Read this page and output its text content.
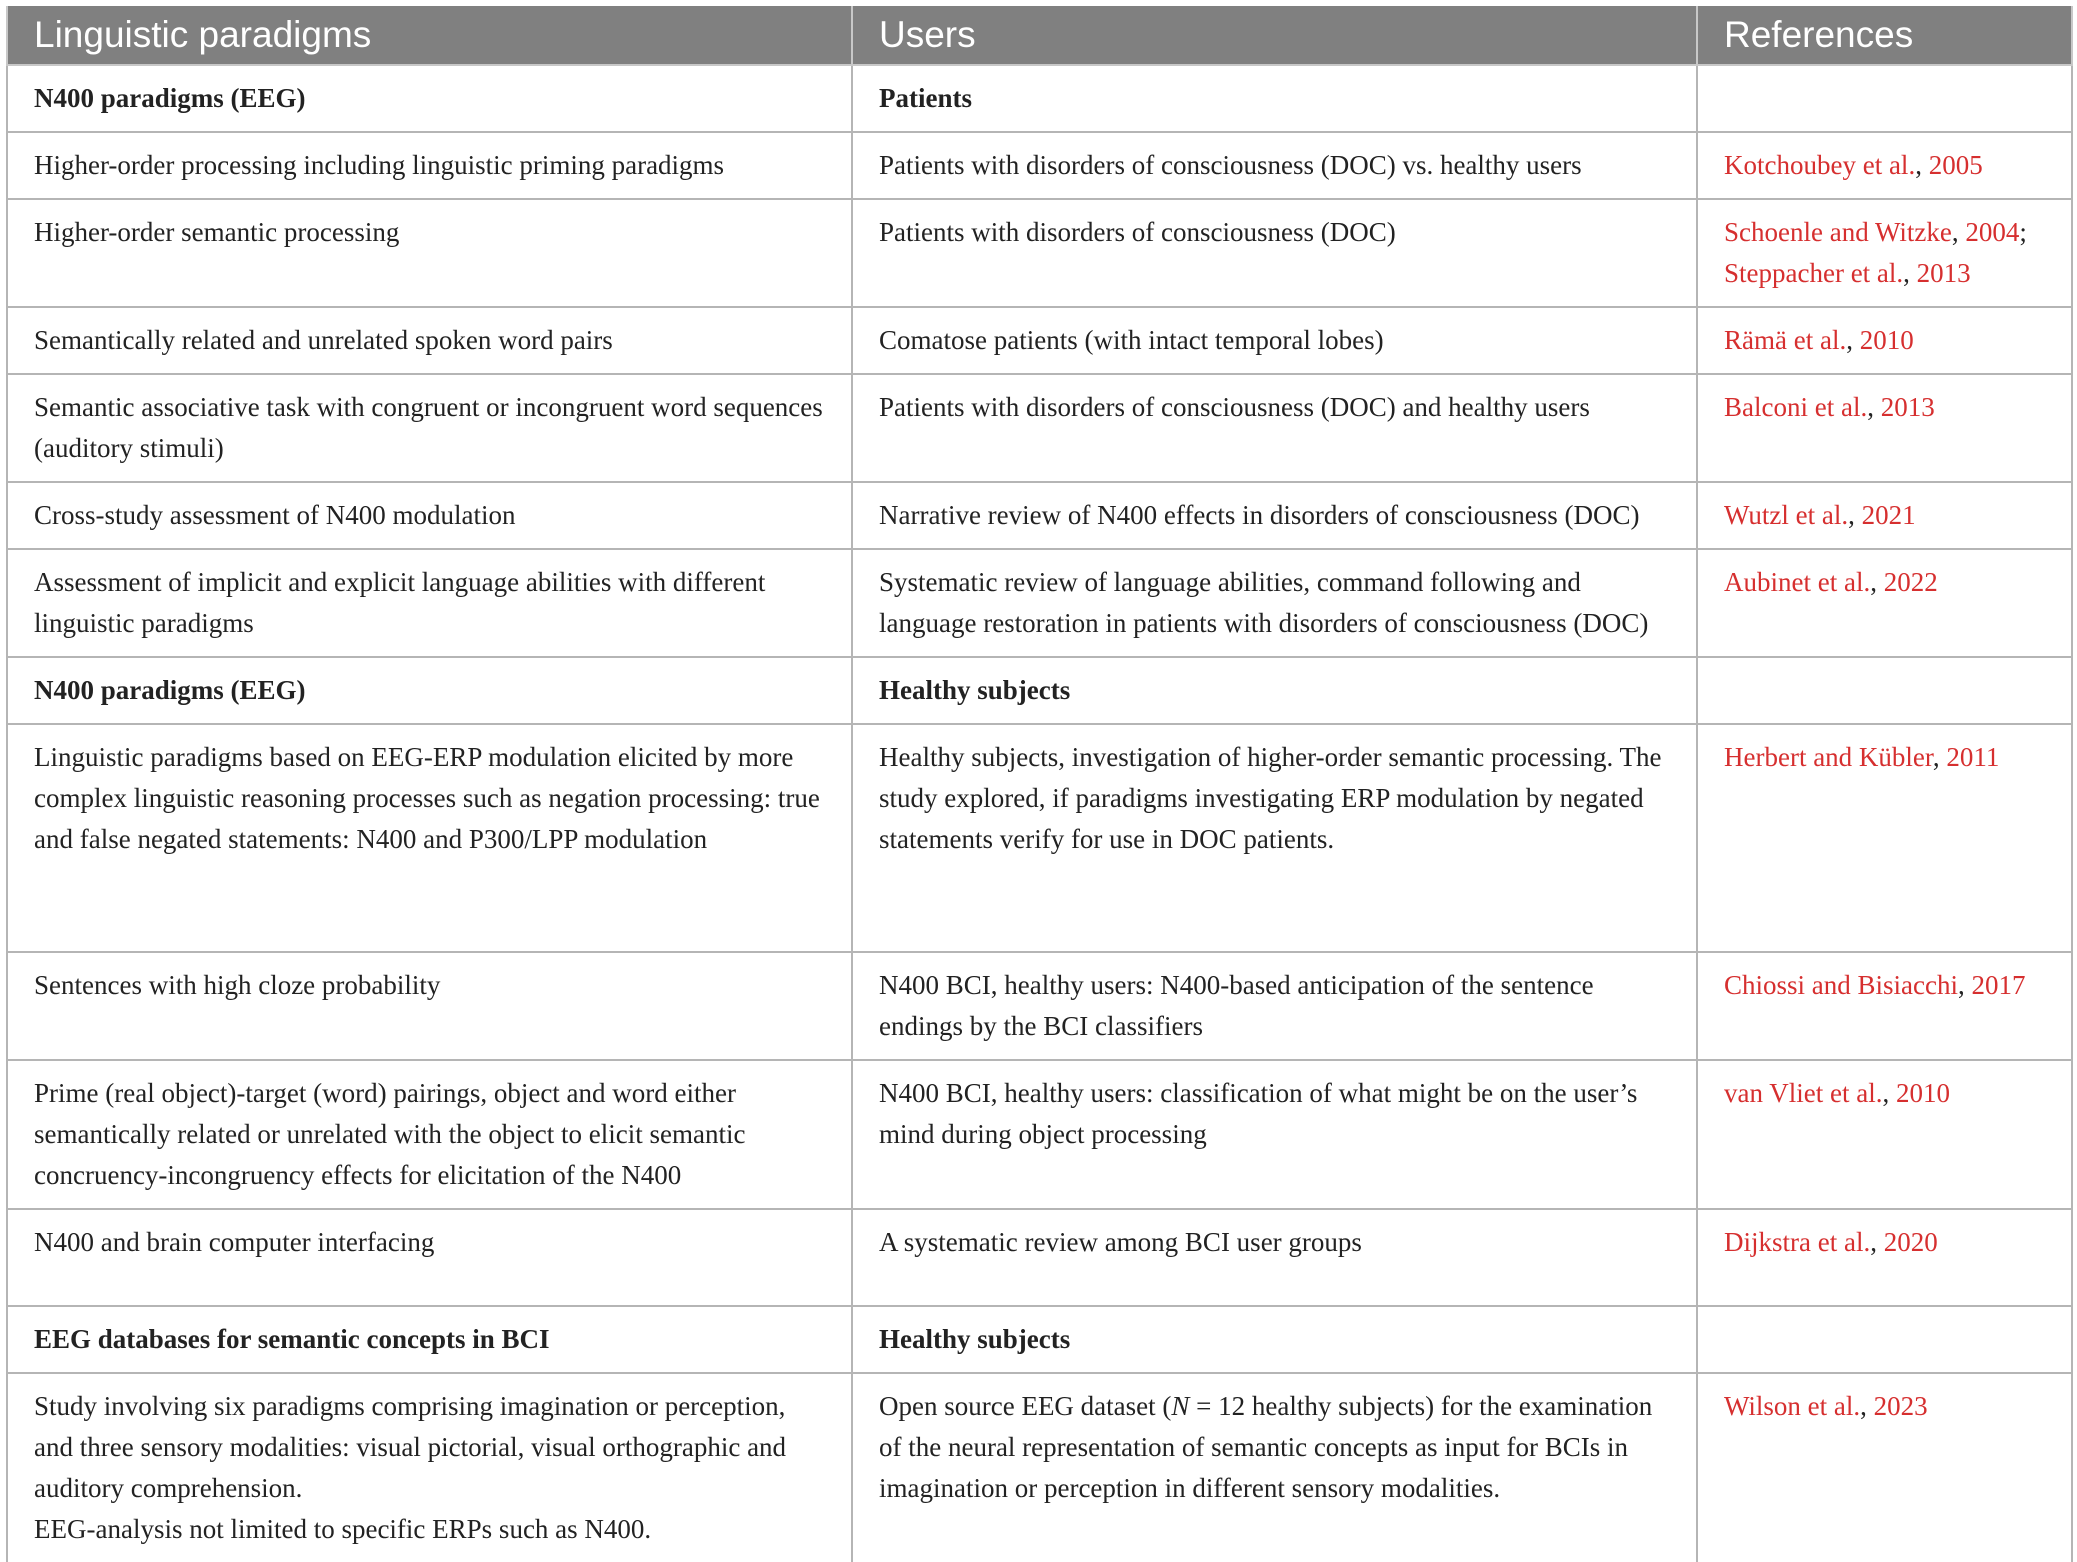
Linguistic paradigms	Users	References
N400 paradigms (EEG)	Patients	
Higher-order processing including linguistic priming paradigms	Patients with disorders of consciousness (DOC) vs. healthy users	Kotchoubey et al., 2005
Higher-order semantic processing	Patients with disorders of consciousness (DOC)	Schoenle and Witzke, 2004;
Steppacher et al., 2013

Semantically related and unrelated spoken word pairs	Comatose patients (with intact temporal lobes)	Rämä et al., 2010
Semantic associative task with congruent or incongruent word sequences (auditory stimuli)	Patients with disorders of consciousness (DOC) and healthy users	Balconi et al., 2013
Cross-study assessment of N400 modulation	Narrative review of N400 effects in disorders of consciousness (DOC)	Wutzl et al., 2021
Assessment of implicit and explicit language abilities with different linguistic paradigms	Systematic review of language abilities, command following and language restoration in patients with disorders of consciousness (DOC)	Aubinet et al., 2022
N400 paradigms (EEG)	Healthy subjects	
Linguistic paradigms based on EEG-ERP modulation elicited by more complex linguistic reasoning processes such as negation processing: true and false negated statements: N400 and P300/LPP modulation	Healthy subjects, investigation of higher-order semantic processing. The study explored, if paradigms investigating ERP modulation by negated statements verify for use in DOC patients.	Herbert and Kübler, 2011
Sentences with high cloze probability	N400 BCI, healthy users: N400-based anticipation of the sentence endings by the BCI classifiers	Chiossi and Bisiacchi, 2017
Prime (real object)-target (word) pairings, object and word either semantically related or unrelated with the object to elicit semantic concruency-incongruency effects for elicitation of the N400	N400 BCI, healthy users: classification of what might be on the user’s mind during object processing	van Vliet et al., 2010
N400 and brain computer interfacing	A systematic review among BCI user groups	Dijkstra et al., 2020
EEG databases for semantic concepts in BCI	Healthy subjects	

Study involving six paradigms comprising imagination or perception, and three sensory modalities: visual pictorial, visual orthographic and auditory comprehension.
EEG-analysis not limited to specific ERPs such as N400.	Open source EEG dataset (N = 12 healthy subjects) for the examination of the neural representation of semantic concepts as input for BCIs in imagination or perception in different sensory modalities.	Wilson et al., 2023
